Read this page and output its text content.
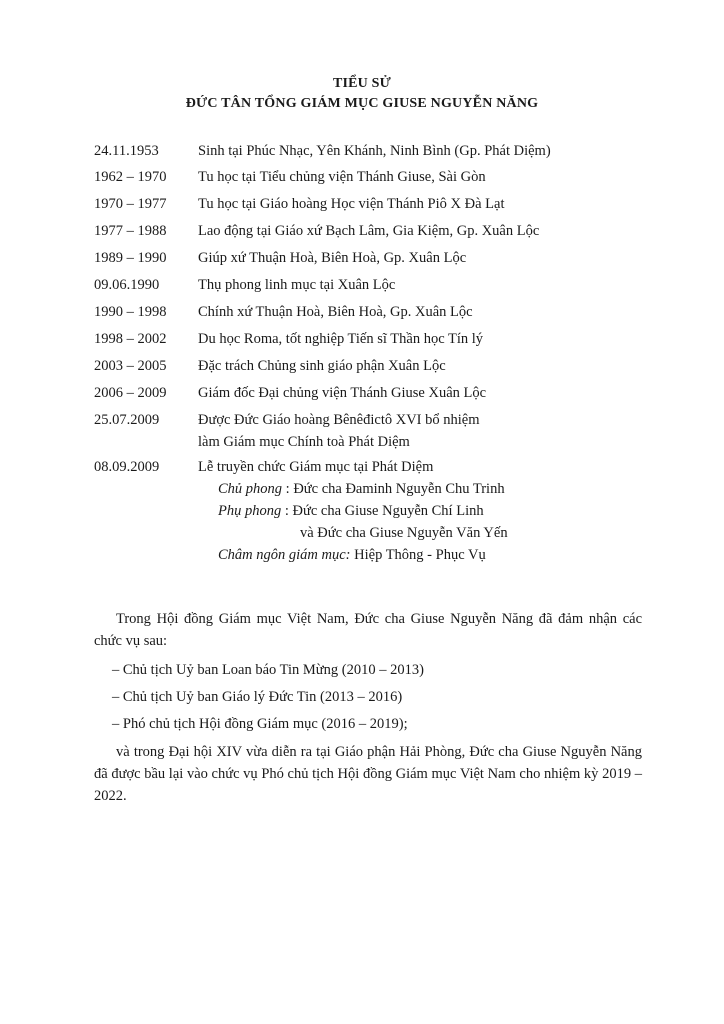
TIỂU SỬ
ĐỨC TÂN TỔNG GIÁM MỤC GIUSE NGUYỄN NĂNG
24.11.1953	Sinh tại Phúc Nhạc, Yên Khánh, Ninh Bình (Gp. Phát Diệm)
1962 – 1970	Tu học tại Tiểu chủng viện Thánh Giuse, Sài Gòn
1970 – 1977	Tu học tại Giáo hoàng Học viện Thánh Piô X Đà Lạt
1977 – 1988	Lao động tại Giáo xứ Bạch Lâm, Gia Kiệm, Gp. Xuân Lộc
1989 – 1990	Giúp xứ Thuận Hoà, Biên Hoà, Gp. Xuân Lộc
09.06.1990	Thụ phong linh mục tại Xuân Lộc
1990 – 1998	Chính xứ Thuận Hoà, Biên Hoà, Gp. Xuân Lộc
1998 – 2002	Du học Roma, tốt nghiệp Tiến sĩ Thần học Tín lý
2003 – 2005	Đặc trách Chủng sinh giáo phận Xuân Lộc
2006 – 2009	Giám đốc Đại chủng viện Thánh Giuse Xuân Lộc
25.07.2009	Được Đức Giáo hoàng Bênêđictô XVI bổ nhiệm
làm Giám mục Chính toà Phát Diệm
08.09.2009	Lễ truyền chức Giám mục tại Phát Diệm
Chủ phong : Đức cha Đaminh Nguyễn Chu Trinh
Phụ phong : Đức cha Giuse Nguyễn Chí Linh
và Đức cha Giuse Nguyễn Văn Yến
Châm ngôn giám mục: Hiệp Thông - Phục Vụ
Trong Hội đồng Giám mục Việt Nam, Đức cha Giuse Nguyễn Năng đã đảm nhận các chức vụ sau:
– Chủ tịch Uỷ ban Loan báo Tin Mừng (2010 – 2013)
– Chủ tịch Uỷ ban Giáo lý Đức Tin (2013 – 2016)
– Phó chủ tịch Hội đồng Giám mục (2016 – 2019);
và trong Đại hội XIV vừa diễn ra tại Giáo phận Hải Phòng, Đức cha Giuse Nguyễn Năng đã được bầu lại vào chức vụ Phó chủ tịch Hội đồng Giám mục Việt Nam cho nhiệm kỳ 2019 – 2022.
